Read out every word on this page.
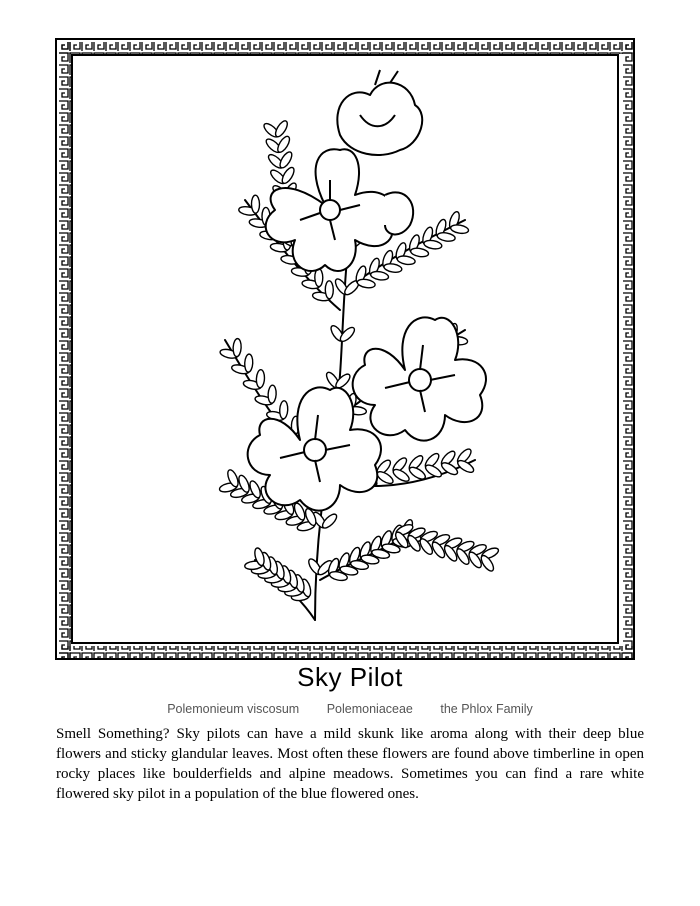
Sky Pilot
Polemonieum viscosum Polemoniaceae the Phlox Family
Smell Something? Sky pilots can have a mild skunk like aroma along with their deep blue flowers and sticky glandular leaves. Most often these flowers are found above timberline in open rocky places like boulderfields and alpine meadows. Sometimes you can find a rare white flowered sky pilot in a population of the blue flowered ones.
